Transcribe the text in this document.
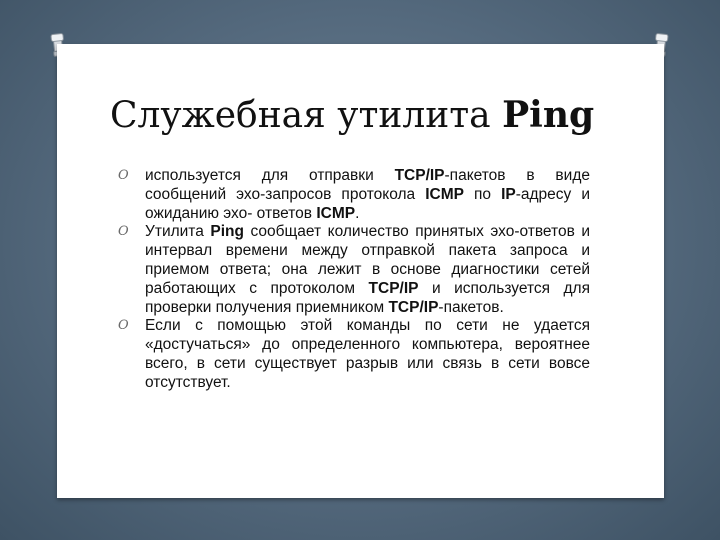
Служебная утилита Ping
O используется для отправки TCP/IP-пакетов в виде сообщений эхо-запросов протокола ICMP по IP-адресу и ожиданию эхо- ответов ICMP.
O Утилита Ping сообщает количество принятых эхо-ответов и интервал времени между отправкой пакета запроса и приемом ответа; она лежит в основе диагностики сетей работающих с протоколом TCP/IP и используется для проверки получения приемником TCP/IP-пакетов.
O Если с помощью этой команды по сети не удается «достучаться» до определенного компьютера, вероятнее всего, в сети существует разрыв или связь в сети вовсе отсутствует.
